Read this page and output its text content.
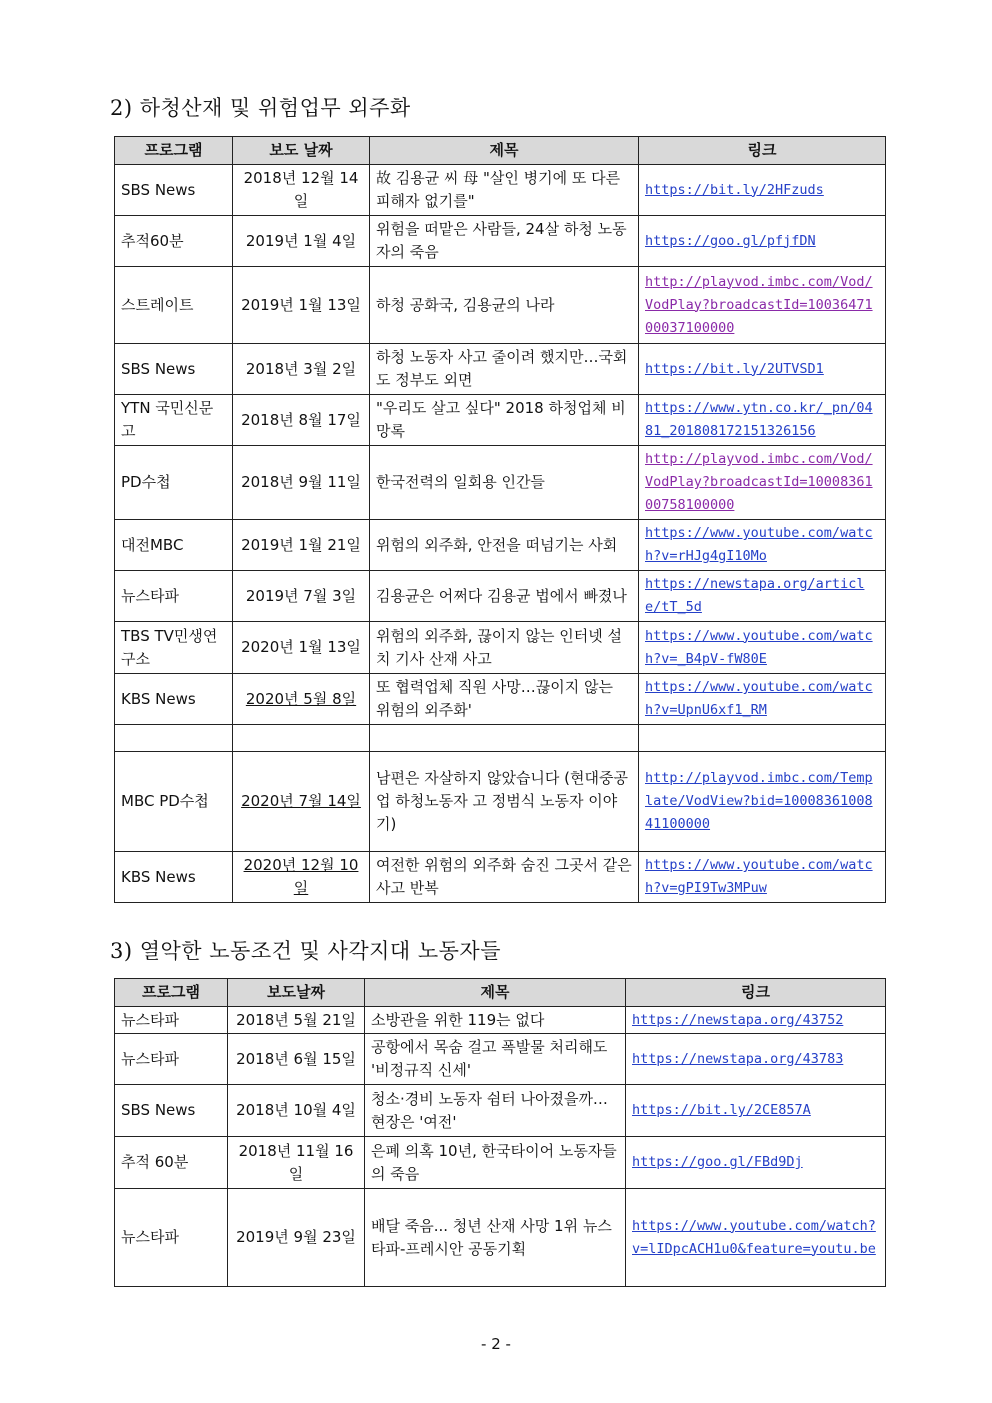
2) 하청산재 및 위험업무 외주화
프로그램	보도 날짜	제목	링크
SBS News	2018년 12월 14일	故 김용균 씨 母 "살인 병기에 또 다른 피해자 없기를"	https://bit.ly/2HFzuds
추적60분	2019년 1월 4일	위험을 떠맡은 사람들, 24살 하청 노동자의 죽음	https://goo.gl/pfjfDN
스트레이트	2019년 1월 13일	하청 공화국, 김용균의 나라	http://playvod.imbc.com/Vod/VodPlay?broadcastId=1003647100037100000
SBS News	2018년 3월 2일	하청 노동자 사고 줄이려 했지만…국회도 정부도 외면	https://bit.ly/2UTVSD1
YTN 국민신문고	2018년 8월 17일	"우리도 살고 싶다" 2018 하청업체 비망록	https://www.ytn.co.kr/_pn/0481_201808172151326156
PD수첩	2018년 9월 11일	한국전력의 일회용 인간들	http://playvod.imbc.com/Vod/VodPlay?broadcastId=1000836100758100000
대전MBC	2019년 1월 21일	위험의 외주화, 안전을 떠넘기는 사회	https://www.youtube.com/watch?v=rHJg4gI10Mo
뉴스타파	2019년 7월 3일	김용균은 어쩌다 김용균 법에서 빠졌나	https://newstapa.org/article/tT_5d
TBS TV민생연구소	2020년 1월 13일	위험의 외주화, 끊이지 않는 인터넷 설치 기사 산재 사고	https://www.youtube.com/watch?v=_B4pV-fW80E
KBS News	2020년 5월 8일	또 협력업체 직원 사망…끊이지 않는 위험의 외주화'	https://www.youtube.com/watch?v=UpnU6xf1_RM

MBC PD수첩	2020년 7월 14일	남편은 자살하지 않았습니다 (현대중공업 하청노동자 고 정범식 노동자 이야기)	http://playvod.imbc.com/Template/VodView?bid=1000836100841100000
KBS News	2020년 12월 10일	여전한 위험의 외주화 숨진 그곳서 같은 사고 반복	https://www.youtube.com/watch?v=gPI9Tw3MPuw
3) 열악한 노동조건 및 사각지대 노동자들
프로그램	보도날짜	제목	링크
뉴스타파	2018년 5월 21일	소방관을 위한 119는 없다	https://newstapa.org/43752
뉴스타파	2018년 6월 15일	공항에서 목숨 걸고 폭발물 처리해도 '비정규직 신세'	https://newstapa.org/43783
SBS News	2018년 10월 4일	청소·경비 노동자 쉼터 나아졌을까…현장은 '여전'	https://bit.ly/2CE857A
추적 60분	2018년 11월 16일	은폐 의혹 10년, 한국타이어 노동자들의 죽음	https://goo.gl/FBd9Dj
뉴스타파	2019년 9월 23일	배달 죽음... 청년 산재 사망 1위 뉴스타파-프레시안 공동기획	https://www.youtube.com/watch?v=lIDpcACH1u0&feature=youtu.be
- 2 -
